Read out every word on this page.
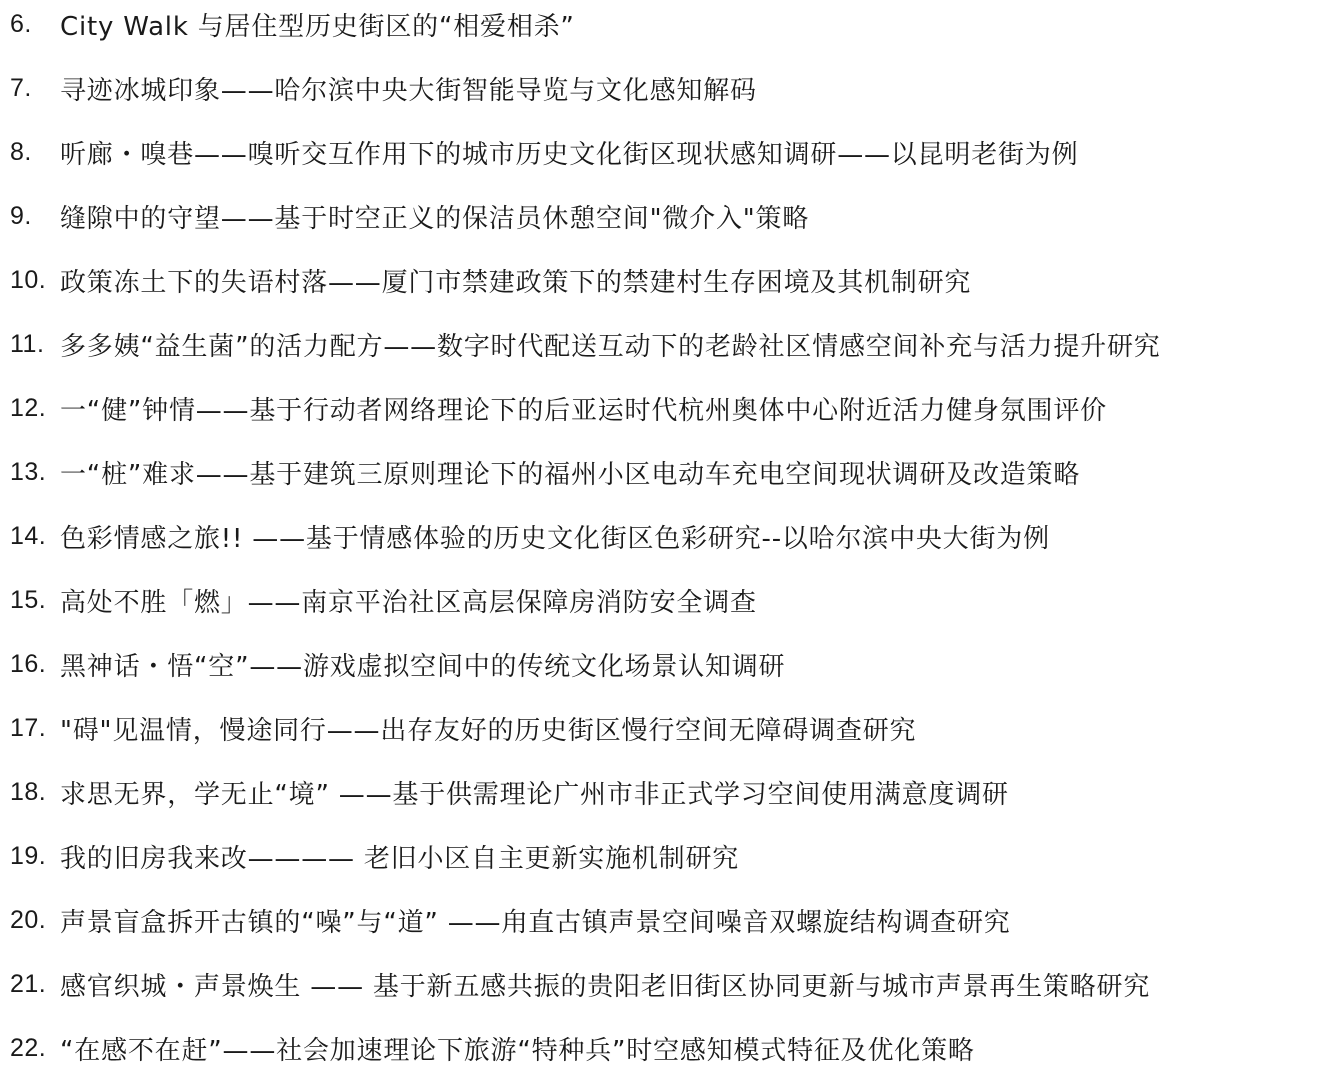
6.	City Walk 与居住型历史街区的“相爱相杀”
7.	寻迹冰城印象——哈尔滨中央大街智能导览与文化感知解码
8.	听廊・嗅巷——嗅听交互作用下的城市历史文化街区现状感知调研——以昆明老街为例
9.	缝隙中的守望——基于时空正义的保洁员休憩空间"微介入"策略
10. 政策冻土下的失语村落——厦门市禁建政策下的禁建村生存困境及其机制研究
11. 多多姨“益生菌”的活力配方——数字时代配送互动下的老龄社区情感空间补充与活力提升研究
12. 一“健”钟情——基于行动者网络理论下的后亚运时代杭州奥体中心附近活力健身氛围评价
13. 一“桩”难求——基于建筑三原则理论下的福州小区电动车充电空间现状调研及改造策略
14. 色彩情感之旅!! ——基于情感体验的历史文化街区色彩研究--以哈尔滨中央大街为例
15. 高处不胜「燃」——南京平治社区高层保障房消防安全调查
16. 黑神话・悟“空”——游戏虚拟空间中的传统文化场景认知调研
17. "碍"见温情，慢途同行——出存友好的历史街区慢行空间无障碍调查研究
18. 求思无界，学无止“境” ——基于供需理论广州市非正式学习空间使用满意度调研
19. 我的旧房我来改———— 老旧小区自主更新实施机制研究
20. 声景盲盒拆开古镇的“噪”与“道” ——甪直古镇声景空间噪音双螺旋结构调查研究
21. 感官织城・声景焕生 —— 基于新五感共振的贵阳老旧街区协同更新与城市声景再生策略研究
22. “在感不在赶”——社会加速理论下旅游“特种兵”时空感知模式特征及优化策略
